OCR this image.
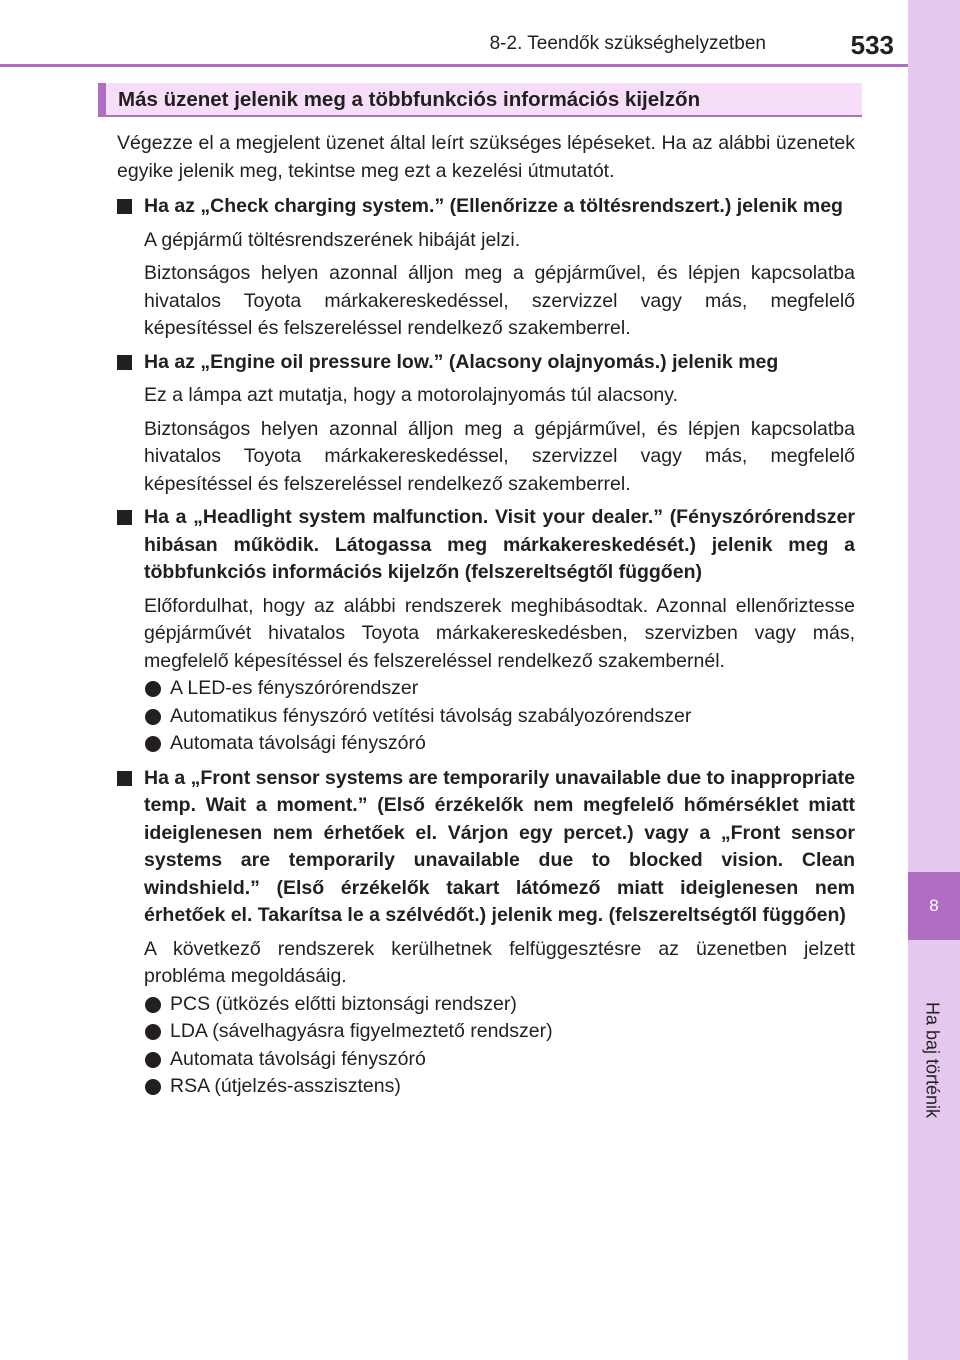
8-2. Teendők szükséghelyzetben	533
8
Ha baj történik
Más üzenet jelenik meg a többfunkciós információs kijelzőn

Végezze el a megjelent üzenet által leírt szükséges lépéseket. Ha az alábbi üzenetek egyike jelenik meg, tekintse meg ezt a kezelési útmutatót.

Ha az „Check charging system.” (Ellenőrizze a töltésrendszert.) jelenik meg

A gépjármű töltésrendszerének hibáját jelzi.

Biztonságos helyen azonnal álljon meg a gépjárművel, és lépjen kapcsolatba hivatalos Toyota márkakereskedéssel, szervizzel vagy más, megfelelő képesítéssel és felszereléssel rendelkező szakemberrel.

Ha az „Engine oil pressure low.” (Alacsony olajnyomás.) jelenik meg

Ez a lámpa azt mutatja, hogy a motorolajnyomás túl alacsony.

Biztonságos helyen azonnal álljon meg a gépjárművel, és lépjen kapcsolatba hivatalos Toyota márkakereskedéssel, szervizzel vagy más, megfelelő képesítéssel és felszereléssel rendelkező szakemberrel.

Ha a „Headlight system malfunction. Visit your dealer.” (Fényszórórendszer hibásan működik. Látogassa meg márkakereskedését.) jelenik meg a többfunkciós információs kijelzőn (felszereltségtől függően)

Előfordulhat, hogy az alábbi rendszerek meghibásodtak. Azonnal ellenőriztesse gépjárművét hivatalos Toyota márkakereskedésben, szervizben vagy más, megfelelő képesítéssel és felszereléssel rendelkező szakembernél.

A LED-es fényszórórendszer

Automatikus fényszóró vetítési távolság szabályozórendszer

Automata távolsági fényszóró

Ha a „Front sensor systems are temporarily unavailable due to inappropriate temp. Wait a moment.” (Első érzékelők nem megfelelő hőmérséklet miatt ideiglenesen nem érhetőek el. Várjon egy percet.) vagy a „Front sensor systems are temporarily unavailable due to blocked vision. Clean windshield.” (Első érzékelők takart látómező miatt ideiglenesen nem érhetőek el. Takarítsa le a szélvédőt.) jelenik meg. (felszereltségtől függően)

A következő rendszerek kerülhetnek felfüggesztésre az üzenetben jelzett probléma megoldásáig.

PCS (ütközés előtti biztonsági rendszer)

LDA (sávelhagyásra figyelmeztető rendszer)

Automata távolsági fényszóró

RSA (útjelzés-asszisztens)
